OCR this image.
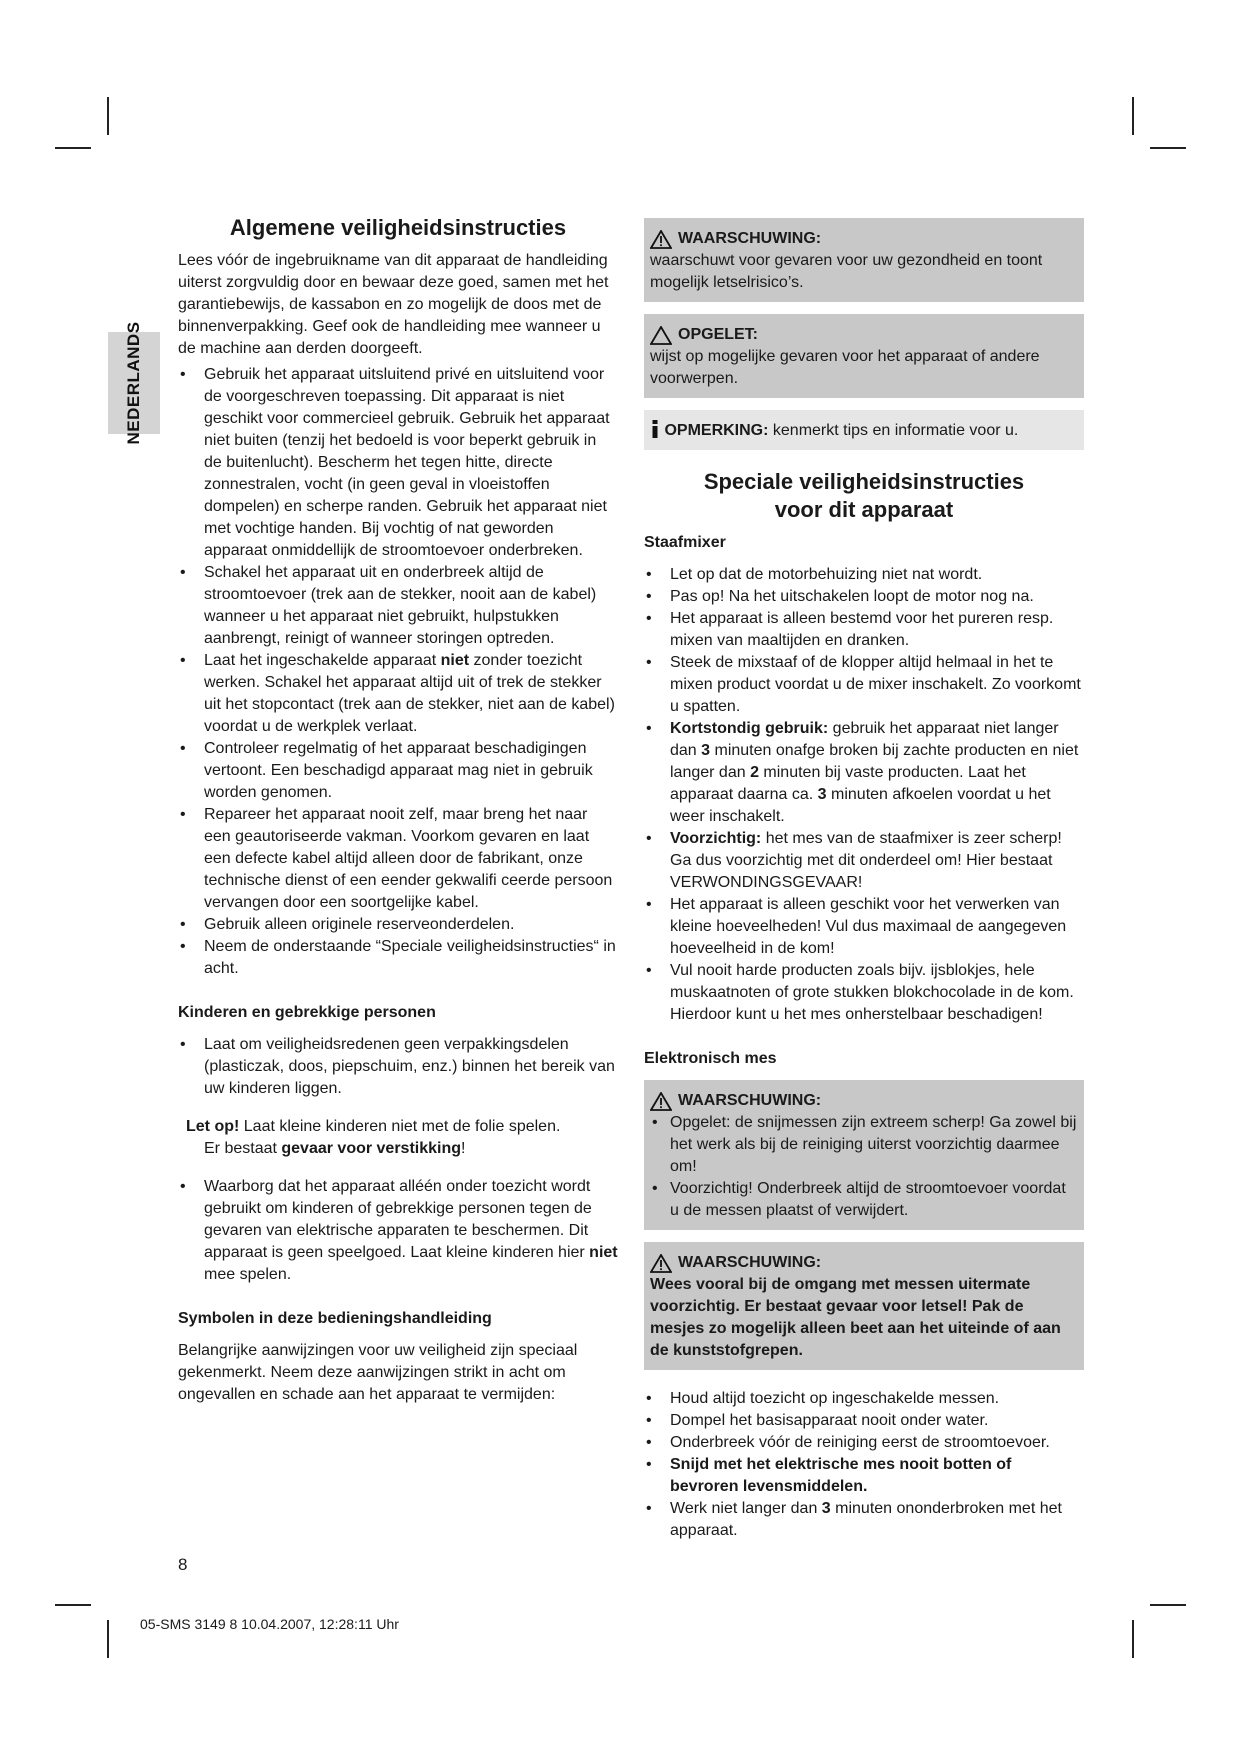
NEDERLANDS
Algemene veiligheidsinstructies

Lees vóór de ingebruikname van dit apparaat de handleiding uiterst zorgvuldig door en bewaar deze goed, samen met het garantiebewijs, de kassabon en zo mogelijk de doos met de binnenverpakking. Geef ook de handleiding mee wanneer u de machine aan derden doorgeeft.

• Gebruik het apparaat uitsluitend privé en uitsluitend voor de voorgeschreven toepassing. Dit apparaat is niet geschikt voor commercieel gebruik. Gebruik het apparaat niet buiten (tenzij het bedoeld is voor beperkt gebruik in de buitenlucht). Bescherm het tegen hitte, directe zonnestralen, vocht (in geen geval in vloeistoffen dompelen) en scherpe randen. Gebruik het apparaat niet met vochtige handen. Bij vochtig of nat geworden apparaat onmiddellijk de stroomtoevoer onderbreken.
• Schakel het apparaat uit en onderbreek altijd de stroomtoevoer (trek aan de stekker, nooit aan de kabel) wanneer u het apparaat niet gebruikt, hulpstukken aanbrengt, reinigt of wanneer storingen optreden.
• Laat het ingeschakelde apparaat niet zonder toezicht werken. Schakel het apparaat altijd uit of trek de stekker uit het stopcontact (trek aan de stekker, niet aan de kabel) voordat u de werkplek verlaat.
• Controleer regelmatig of het apparaat beschadigingen vertoont. Een beschadigd apparaat mag niet in gebruik worden genomen.
• Repareer het apparaat nooit zelf, maar breng het naar een geautoriseerde vakman. Voorkom gevaren en laat een defecte kabel altijd alleen door de fabrikant, onze technische dienst of een eender gekwalifi ceerde persoon vervangen door een soortgelijke kabel.
• Gebruik alleen originele reserveonderdelen.
• Neem de onderstaande “Speciale veiligheidsinstructies“ in acht.
Kinderen en gebrekkige personen
• Laat om veiligheidsredenen geen verpakkingsdelen (plasticzak, doos, piepschuim, enz.) binnen het bereik van uw kinderen liggen.
Let op! Laat kleine kinderen niet met de folie spelen.
Er bestaat gevaar voor verstikking!
• Waarborg dat het apparaat alléén onder toezicht wordt gebruikt om kinderen of gebrekkige personen tegen de gevaren van elektrische apparaten te beschermen. Dit apparaat is geen speelgoed. Laat kleine kinderen hier niet mee spelen.
Symbolen in deze bedieningshandleiding

Belangrijke aanwijzingen voor uw veiligheid zijn speciaal gekenmerkt. Neem deze aanwijzingen strikt in acht om ongevallen en schade aan het apparaat te vermijden:

WAARSCHUWING:
waarschuwt voor gevaren voor uw gezondheid en toont mogelijk letselrisico’s.
OPGELET:
wijst op mogelijke gevaren voor het apparaat of andere voorwerpen.
OPMERKING: kenmerkt tips en informatie voor u.
Speciale veiligheidsinstructies
voor dit apparaat
Staafmixer
• Let op dat de motorbehuizing niet nat wordt.
• Pas op! Na het uitschakelen loopt de motor nog na.
• Het apparaat is alleen bestemd voor het pureren resp. mixen van maaltijden en dranken.
• Steek de mixstaaf of de klopper altijd helmaal in het te mixen product voordat u de mixer inschakelt. Zo voorkomt u spatten.
• Kortstondig gebruik: gebruik het apparaat niet langer dan 3 minuten onafge broken bij zachte producten en niet langer dan 2 minuten bij vaste producten. Laat het apparaat daarna ca. 3 minuten afkoelen voordat u het weer inschakelt.
• Voorzichtig: het mes van de staafmixer is zeer scherp! Ga dus voorzichtig met dit onderdeel om! Hier bestaat VERWONDINGSGEVAAR!
• Het apparaat is alleen geschikt voor het verwerken van kleine hoeveelheden! Vul dus maximaal de aangegeven hoeveelheid in de kom!
• Vul nooit harde producten zoals bijv. ijsblokjes, hele muskaatnoten of grote stukken blokchocolade in de kom. Hierdoor kunt u het mes onherstelbaar beschadigen!
Elektronisch mes
WAARSCHUWING:
• Opgelet: de snijmessen zijn extreem scherp! Ga zowel bij het werk als bij de reiniging uiterst voorzichtig daarmee om!
• Voorzichtig! Onderbreek altijd de stroomtoevoer voordat u de messen plaatst of verwijdert.
WAARSCHUWING:
Wees vooral bij de omgang met messen uitermate voorzichtig. Er bestaat gevaar voor letsel! Pak de mesjes zo mogelijk alleen beet aan het uiteinde of aan de kunststofgrepen.
• Houd altijd toezicht op ingeschakelde messen.
• Dompel het basisapparaat nooit onder water.
• Onderbreek vóór de reiniging eerst de stroomtoevoer.
• Snijd met het elektrische mes nooit botten of bevroren levensmiddelen.
• Werk niet langer dan 3 minuten ononderbroken met het apparaat.
8
05-SMS 3149 8 10.04.2007, 12:28:11 Uhr
